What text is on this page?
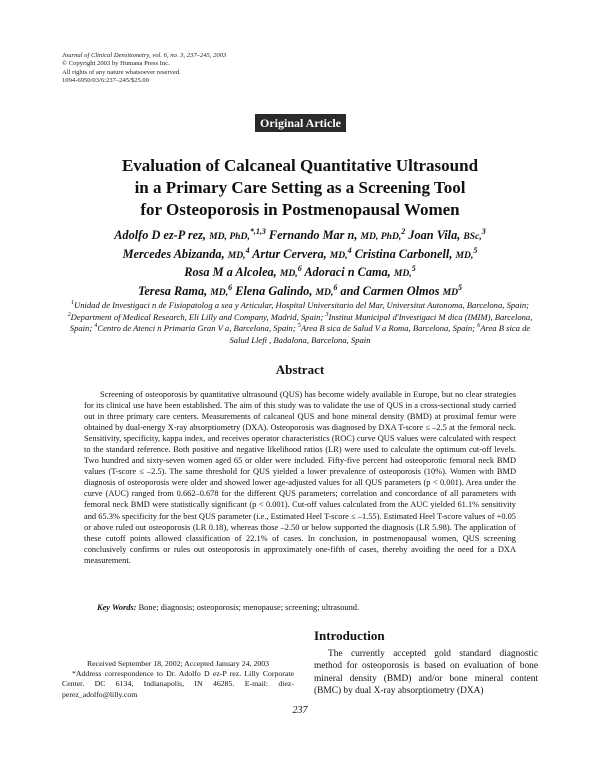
Journal of Clinical Densitometry, vol. 6, no. 3, 237–245, 2003
© Copyright 2003 by Humana Press Inc.
All rights of any nature whatsoever reserved.
1094-6950/03/6:237–245/$25.00
Original Article
Evaluation of Calcaneal Quantitative Ultrasound
in a Primary Care Setting as a Screening Tool
for Osteoporosis in Postmenopausal Women
Adolfo D ez-P rez, MD, PhD,$^{*,1,3}$ Fernando Mar n, MD, PhD,$^2$ Joan Vila, BSc,$^3$
Mercedes Abizanda, MD,$^4$ Artur Cervera, MD,$^4$ Cristina Carbonell, MD,$^5$
Rosa M a Alcolea, MD,$^6$ Adoraci n Cama, MD,$^5$
Teresa Rama, MD,$^6$ Elena Galindo, MD,$^6$ and Carmen Olmos $MD^5$
$^1$Unidad de Investigaci n de Fisiopatolog a sea y Articular, Hospital Universitario del Mar, Universitat Autonoma, Barcelona, Spain; $^2$Department of Medical Research, Eli Lilly and Company, Madrid, Spain; $^3$Institut Municipal d'Investigaci M dica (IMIM), Barcelona, Spain; $^4$Centro de Atenci n Primaria Gran V a, Barcelona, Spain; $^5$Area B sica de Salud V a Roma, Barcelona, Spain; $^6$Area B sica de Salud Llefi , Badalona, Barcelona, Spain
Abstract
Screening of osteoporosis by quantitative ultrasound (QUS) has become widely available in Europe, but no clear strategies for its clinical use have been established. The aim of this study was to validate the use of QUS in a cross-sectional study carried out in three primary care centers. Measurements of calcaneal QUS and bone mineral density (BMD) at proximal femur were obtained by dual-energy X-ray absorptiometry (DXA). Osteoporosis was diagnosed by DXA T-score ≤ –2.5 at the femoral neck. Sensitivity, specificity, kappa index, and receives operator characteristics (ROC) curve QUS values were calculated with respect to the standard reference. Both positive and negative likelihood ratios (LR) were used to calculate the optimum cut-off levels. Two hundred and sixty-seven women aged 65 or older were included. Fifty-five percent had osteoporotic femoral neck BMD values (T-score ≤ –2.5). The same threshold for QUS yielded a lower prevalence of osteoporosis (10%). Women with BMD diagnosis of osteoporosis were older and showed lower age-adjusted values for all QUS parameters (p < 0.001). Area under the curve (AUC) ranged from 0.662–0.678 for the different QUS parameters; correlation and concordance of all parameters with femoral neck BMD were statistically significant (p < 0.001). Cut-off values calculated from the AUC yielded 61.1% sensitivity and 65.3% specificity for the best QUS parameter (i.e., Estimated Heel T-score ≤ –1.55). Estimated Heel T-score values of +0.05 or above ruled out osteoporosis (LR 0.18), whereas those –2.50 or below supported the diagnosis (LR 5.98). The application of these cutoff points allowed classification of 22.1% of cases. In conclusion, in postmenopausal women, QUS screening conclusively confirms or rules out osteoporosis in approximately one-fifth of cases, thereby avoiding the need for a DXA measurement.
Key Words: Bone; diagnosis; osteoporosis; menopause; screening; ultrasound.
Introduction
The currently accepted gold standard diagnostic method for osteoporosis is based on evaluation of bone mineral density (BMD) and/or bone mineral content (BMC) by dual X-ray absorptiometry (DXA)

Received September 18, 2002; Accepted January 24, 2003

*Address correspondence to Dr. Adolfo D ez-P rez. Lilly Corporate Center. DC 6134, Indianapolis, IN 46285. E-mail: diez-perez_adolfo@lilly.com

237
